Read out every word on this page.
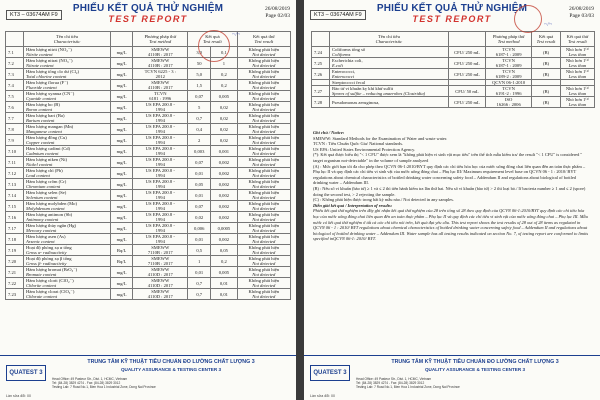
KT3 – 03674AM F9
PHIẾU KẾT QUẢ THỬ NGHIỆM
TEST REPORT
26/08/2019
Page 02/03
	Tên chỉ tiêu
Characteristic		Phương pháp thử
Test method	Kết quả
Test result		Kết quả thử
Test result

7.1	Hàm lượng nitrit (NO₂⁻)
Nitrite content	mg/L	SMEWW
4110B : 2017	3,0	0,1	Không phát hiện
Not detected

7.2	Hàm lượng nitrat (NO₃⁻)
Nitrate content	mg/L	SMEWW
4110B : 2017	50	1	Không phát hiện
Not detected

7.3	Hàm lượng tổng clo dư (Cl₂)
Total chlorine content	mg/L	TCVN 6225 - 3 :
2012	5,0	0,2	Không phát hiện
Not detected

7.4	Hàm lượng florua (F⁻)
Fluoride content	mg/L	SMEWW
4110B : 2017	1,5	0,2	Không phát hiện
Not detected

7.5	Hàm lượng xyanua (CN⁻)
Cyanide content	mg/L	TCVN
6181 : 1996	0,07	0,005	Không phát hiện
Not detected

7.6	Hàm lượng bo (B)
Boron content	mg/L	US EPA 200.8 -
1994	5	0,02	Không phát hiện
Not detected

7.7	Hàm lượng bari (Ba)
Barium content	mg/L	US EPA 200.8 -
1994	0,7	0,02	Không phát hiện
Not detected

7.8	Hàm lượng mangan (Mn)
Manganese content	mg/L	US EPA 200.8 -
1994	0,4	0,02	Không phát hiện
Not detected

7.9	Hàm lượng đồng (Cu)
Copper content	mg/L	US EPA 200.8 -
1994	2	0,02	Không phát hiện
Not detected

7.10	Hàm lượng cadimi (Cd)
Cadmium content	mg/L	US EPA 200.8 -
1994	0,003	0,001	Không phát hiện
Not detected

7.11	Hàm lượng niken (Ni)
Nickel content	mg/L	US EPA 200.8 -
1994	0,07	0,002	Không phát hiện
Not detected

7.12	Hàm lượng chì (Pb)
Lead content	mg/L	US EPA 200.8 -
1994	0,01	0,002	Không phát hiện
Not detected

7.13	Hàm lượng crôm (Cr)
Chromium content	mg/L	US EPA 200.8 -
1994	0,05	0,002	Không phát hiện
Not detected

7.14	Hàm lượng selen (Se)
Selenium content	mg/L	US EPA 200.8 -
1994	0,01	0,002	Không phát hiện
Not detected

7.15	Hàm lượng molybden (Mo)
Molybdenum content	mg/L	US EPA 200.8 -
1994	0,07	0,002	Không phát hiện
Not detected

7.16	Hàm lượng antimon (Sb)
Antimony content	mg/L	US EPA 200.8 -
1994	0,02	0,002	Không phát hiện
Not detected

7.17	Hàm lượng thủy ngân (Hg)
Mercury content	mg/L	US EPA 200.8 -
1994	0,006	0,0005	Không phát hiện
Not detected

7.18	Hàm lượng asen (As)
Arsenic content	mg/L	US EPA 200.8 -
1994	0,01	0,002	Không phát hiện
Not detected

7.19	Hoạt độ phóng xạ α tổng
Gross α- radioactivity	Bq/L	SMEWW
7110B : 2017	0,5	0,05	Không phát hiện
Not detected

7.20	Hoạt độ phóng xạ β tổng
Gross β- radioactivity	Bq/L	SMEWW
7110B : 2017	1	0,2	Không phát hiện
Not detected

7.21	Hàm lượng bromat (BrO₃⁻)
Bromate content	mg/L	SMEWW
4110D : 2017	0,01	0,005	Không phát hiện
Not detected

7.22	Hàm lượng clorit (ClO₂⁻)
Chlorite content	mg/L	SMEWW
4110D : 2017	0,7	0,01	Không phát hiện
Not detected

7.23	Hàm lượng clorat (ClO₃⁻)
Chlorate content	mg/L	SMEWW
4110D : 2017	0,7	0,01	Không phát hiện
Not detected
~/~
QUATEST 3
TRUNG TÂM KỸ THUẬT TIÊU CHUẨN ĐO LƯỜNG CHẤT LƯỢNG 3
QUALITY ASSURANCE & TESTING CENTER 3
Head Office: 49 Pasteur Str., Dist. 1, HCMC, Vietnam
Tel: (84-28) 3829 4274 - Fax: (84-28) 3829 3012
Testing Lab: 7 Road No.1, Bien Hoa 1 Industrial Zone, Dong Nai Province
Lần sửa đổi: 00
KT3 – 03674AM F9
PHIẾU KẾT QUẢ THỬ NGHIỆM
TEST REPORT
26/08/2019
Page 03/03
	Tên chỉ tiêu
Characteristic		Phương pháp thử
Test method	Kết quả
Test result	Kết quả thử
Test result

7.24	Coliforms tổng số
Coliforms	CFU/ 250 mL	TCVN
6187-1 : 2009	(B)	Nhỏ hơn 1⁽¹⁾
Less than

7.25	Escherichia coli,
E.coli	CFU/ 250 mL	TCVN
6187-1 : 2009	(B)	Nhỏ hơn 1⁽¹⁾
Less than

7.26	Enterococci,
Enterococci	CFU/ 250 mL	TCVN
6189-2 : 2009	(B)	Nhỏ hơn 1⁽¹⁾
Less than

	Streptococci fecal		QCVN 06-1:2010

7.27	Bào tử vi khuẩn kỵ khí khử sulfit
Spores of sulfite – reducing anaerobes (Clostridia)	CFU/ 50 mL	TCVN
6191-2 : 1996	(B)	Nhỏ hơn 1⁽¹⁾
Less than

7.28	Pseudomonas aeruginosa,	CFU/ 250 mL	ISO
16266 : 2006	(B)	Nhỏ hơn 1⁽¹⁾
Less than
Ghi chú / Notice:
SMEWW: Standard Methods for the Examination of Water and waste water.
TCVN : Tiêu Chuẩn Quốc Gia/ National standards.
US EPA: United States Environmental Protection Agency.
(*): Kết quả được biểu thị "< 1 CFU" được xem là "không phát hiện vi sinh vật mục tiêu" trên thể tích mẫu kiểm tra/ the result "< 1 CFU" is considered " target organism not-detectable" in the volume of sample analyzed
(A) : Mức giới hạn tối đa cho phép theo QCVN 06-1:2010/BYT quy định các chỉ tiêu hóa học của nước uống đóng chai liên quan đến an toàn thực phẩm – Phụ lục II và quy định các chỉ tiêu vi sinh vật của nước uống đóng chai – Phụ lục III/ Maximum requirement level base on QCVN 06 - 1 : 2010/ BYT regulations about chemical characteristics of bottled drinking water concerning safety food – Addendum II and regulations about biological of bottled drinking water – Addendum III.
(B) : Nếu số vi khuẩn (bào tử) ≥ 1 và ≤ 2 thì tiến hành kiểm tra lần thứ hai. Nếu số vi khuẩn (bào tử) > 2 thì loại bỏ./ If bacteria number ≥ 1 and ≤ 2 (spore) doing the second test, > 2 rejecting the sample.
(C) : Không phát hiện được trong bất kỳ mẫu nào./ Not detected in any samples.
Diễn giải kết quả / Interpretation of results:
Phiếu kết quả thử nghiệm trên đây ghi nhận kết quả thử nghiệm của 28 trên tổng số 28 theo quy định của QCVN 06-1:2010/BYT quy định các chỉ tiêu hóa học của nước uống đóng chai liên quan đến an toàn thực phẩm – Phụ lục II và quy định các chỉ tiêu vi sinh vật của nước uống đóng chai – Phụ lục III. Mẫu nước có kết quả thử nghiệm ở tất cả các chỉ tiêu nói trên, kết quả đạt yêu cầu. This test report shows the test results of 28 out of 28 items as regulated in QCVN 06 - 1 : 2010/ BYT regulations about chemical characteristics of bottled drinking water concerning safety food – Addendum II and regulations about biological of bottled drinking water – Addendum III. Water sample has all testing results indicated on section No. 7, of testing report are conformed to limits specified inQCVN 06-1: 2010/ BYT.
~/~
QUATEST 3
TRUNG TÂM KỸ THUẬT TIÊU CHUẨN ĐO LƯỜNG CHẤT LƯỢNG 3
QUALITY ASSURANCE & TESTING CENTER 3
Head Office: 49 Pasteur Str., Dist. 1, HCMC, Vietnam
Tel: (84-28) 3829 4274 - Fax: (84-28) 3829 3012
Testing Lab: 7 Road No.1, Bien Hoa 1 Industrial Zone, Dong Nai Province
Lần sửa đổi: 00
